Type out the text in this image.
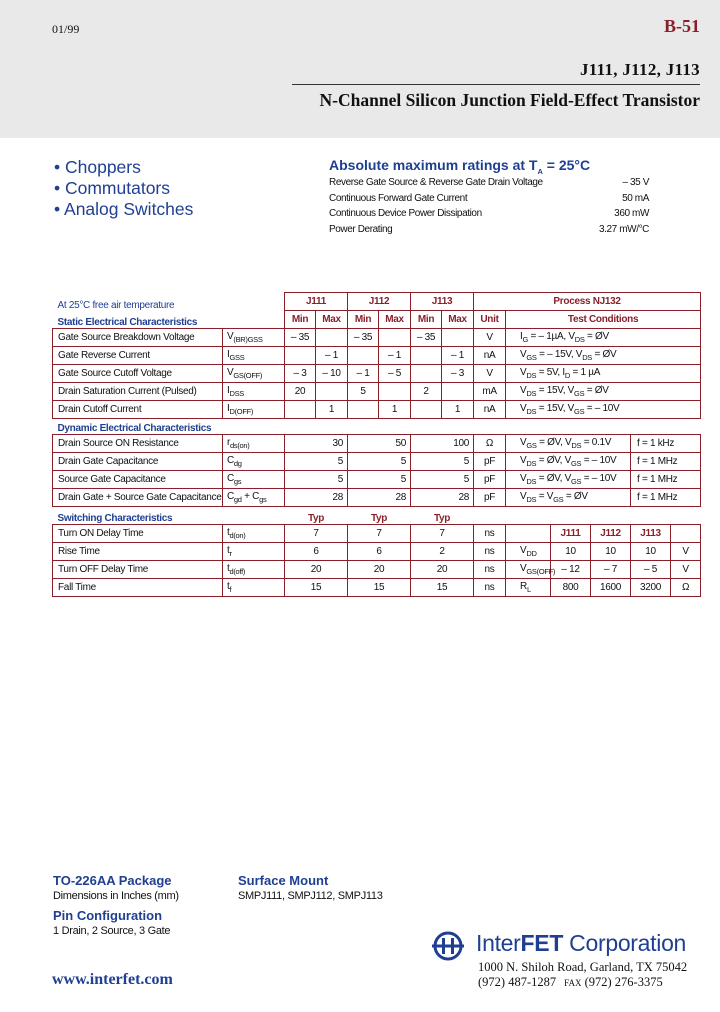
01/99	B-51
J111, J112, J113
N-Channel Silicon Junction Field-Effect Transistor
• Choppers
• Commutators
• Analog Switches
Absolute maximum ratings at $T_A = 25^\circ C$
Reverse Gate Source & Reverse Gate Drain Voltage	– 35 V
Continuous Forward Gate Current	50 mA
Continuous Device Power Dissipation	360 mW
Power Derating	3.27 mW/°C
At 25°C free air temperature		J111		J112		J113		Process NJ132					
Static Electrical Characteristics		Min	Max	Min	Max	Min	Max	Unit	Test Conditions				
Gate Source Breakdown Voltage	$V_{(BR)GSS}$	– 35		– 35		– 35		V	$I_G$ = – 1µA, $V_{DS}$ = ØV				
Gate Reverse Current	$I_{GSS}$		– 1		– 1		– 1	nA	$V_{GS}$ = – 15V, $V_{DS}$ = ØV				
Gate Source Cutoff Voltage	$V_{GS(OFF)}$	– 3	– 10	– 1	– 5		– 3	V	$V_{DS} = 5V$, $I_D = 1$ µA				
Drain Saturation Current (Pulsed)	$I_{DSS}$	20		5		2		mA	$V_{DS} = 15V$, $V_{GS}$ = ØV				
Drain Cutoff Current	$I_{D(OFF)}$		1		1		1	nA	$V_{DS} = 15V$, $V_{GS}$ = – 10V				
Dynamic Electrical Characteristics													
Drain Source ON Resistance	$r_{ds(on)}$		30		50		100	Ω	$V_{GS}$ = ØV, $V_{DS} = 0.1V$			f = 1 kHz	
Drain Gate Capacitance	$C_{dg}$		5		5		5	pF	$V_{DS}$ = ØV, $V_{GS}$ = – 10V			f = 1 MHz	
Source Gate Capacitance	$C_{gs}$		5		5		5	pF	$V_{DS}$ = ØV, $V_{GS}$ = – 10V			f = 1 MHz	
Drain Gate + Source Gate Capacitance	$C_{gd} + C_{gs}$		28		28		28	pF	$V_{DS} = V_{GS}$ = ØV			f = 1 MHz	
Switching Characteristics		Typ		Typ		Typ							
Turn ON Delay Time	$t_{d(on)}$	7		7		7		ns		J111	J112	J113	
Rise Time	$t_r$	6		6		2		ns	$V_{DD}$	10	10	10	V
Turn OFF Delay Time	$t_{d(off)}$	20		20		20		ns	$V_{GS(OFF)}$	– 12	– 7	– 5	V
Fall Time	$t_f$	15		15		15		ns	$R_L$	800	1600	3200	Ω
TO-226AA Package
Dimensions in Inches (mm)
Pin Configuration
1 Drain, 2 Source, 3 Gate
Surface Mount
SMPJ111, SMPJ112, SMPJ113
www.interfet.com
InterFET Corporation
1000 N. Shiloh Road, Garland, TX 75042
(972) 487-1287 FAX (972) 276-3375
